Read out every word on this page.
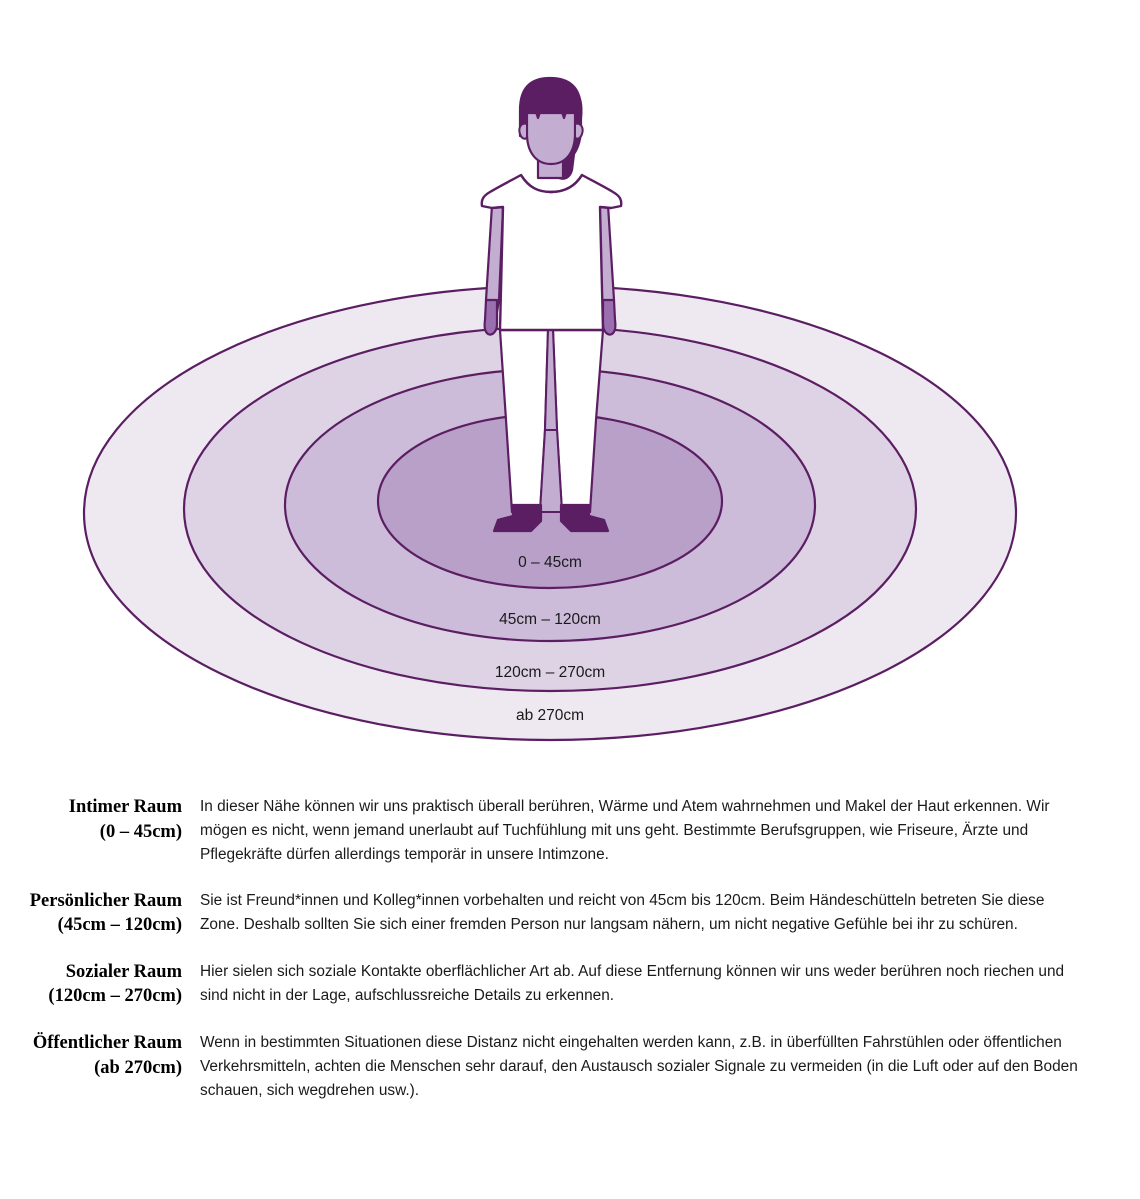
0 – 45cm
45cm – 120cm
120cm – 270cm
ab 270cm
Intimer Raum
(0 – 45cm)

In dieser Nähe können wir uns praktisch überall berühren, Wärme und Atem wahrnehmen und Makel der Haut erkennen. Wir mögen es nicht, wenn jemand unerlaubt auf Tuchfühlung mit uns geht. Bestimmte Berufsgruppen, wie Friseure, Ärzte und Pflegekräfte dürfen allerdings temporär in unsere Intimzone.

Persönlicher Raum
(45cm – 120cm)

Sie ist Freund*innen und Kolleg*innen vorbehalten und reicht von 45cm bis 120cm. Beim Händeschütteln betreten Sie diese Zone. Deshalb sollten Sie sich einer fremden Person nur langsam nähern, um nicht negative Gefühle bei ihr zu schüren.

Sozialer Raum
(120cm – 270cm)

Hier sielen sich soziale Kontakte oberflächlicher Art ab. Auf diese Entfernung können wir uns weder berühren noch riechen und sind nicht in der Lage, aufschlussreiche Details zu erkennen.

Öffentlicher Raum
(ab 270cm)

Wenn in bestimmten Situationen diese Distanz nicht eingehalten werden kann, z.B. in überfüllten Fahrstühlen oder öffentlichen Verkehrsmitteln, achten die Menschen sehr darauf, den Austausch sozialer Signale zu vermeiden (in die Luft oder auf den Boden schauen, sich wegdrehen usw.).
